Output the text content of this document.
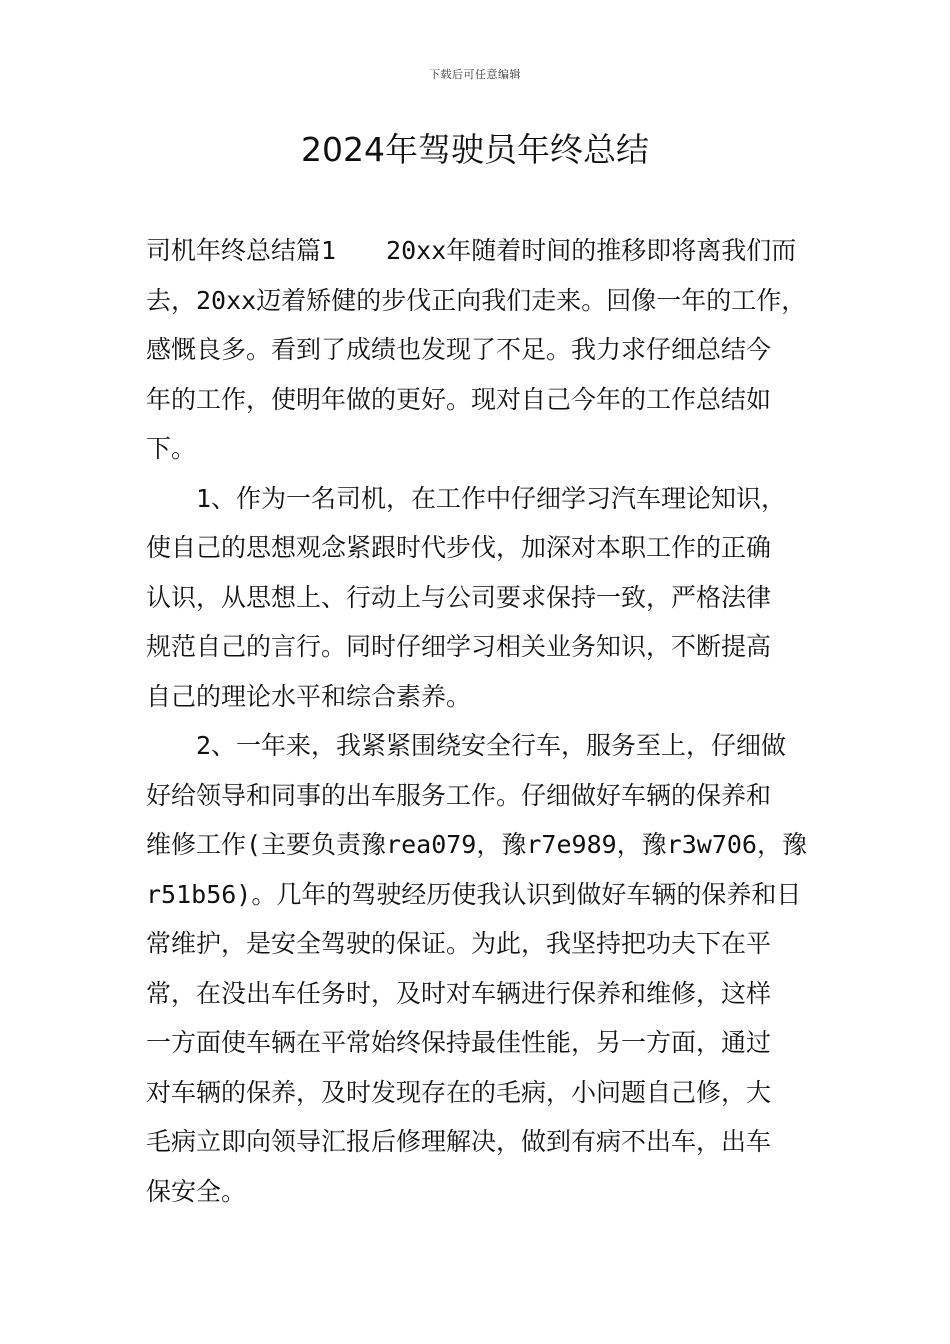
下载后可任意编辑
2024年驾驶员年终总结

司机年终总结篇1　　20xx年随着时间的推移即将离我们而
去，20xx迈着矫健的步伐正向我们走来。回像一年的工作，
感慨良多。看到了成绩也发现了不足。我力求仔细总结今
年的工作，使明年做的更好。现对自己今年的工作总结如
下。

1、作为一名司机，在工作中仔细学习汽车理论知识，
使自己的思想观念紧跟时代步伐，加深对本职工作的正确
认识，从思想上、行动上与公司要求保持一致，严格法律
规范自己的言行。同时仔细学习相关业务知识，不断提高
自己的理论水平和综合素养。

2、一年来，我紧紧围绕安全行车，服务至上，仔细做
好给领导和同事的出车服务工作。仔细做好车辆的保养和
维修工作(主要负责豫rea079，豫r7e989，豫r3w706，豫
r51b56)。几年的驾驶经历使我认识到做好车辆的保养和日
常维护，是安全驾驶的保证。为此，我坚持把功夫下在平
常，在没出车任务时，及时对车辆进行保养和维修，这样
一方面使车辆在平常始终保持最佳性能，另一方面，通过
对车辆的保养，及时发现存在的毛病，小问题自己修，大
毛病立即向领导汇报后修理解决，做到有病不出车，出车
保安全。
